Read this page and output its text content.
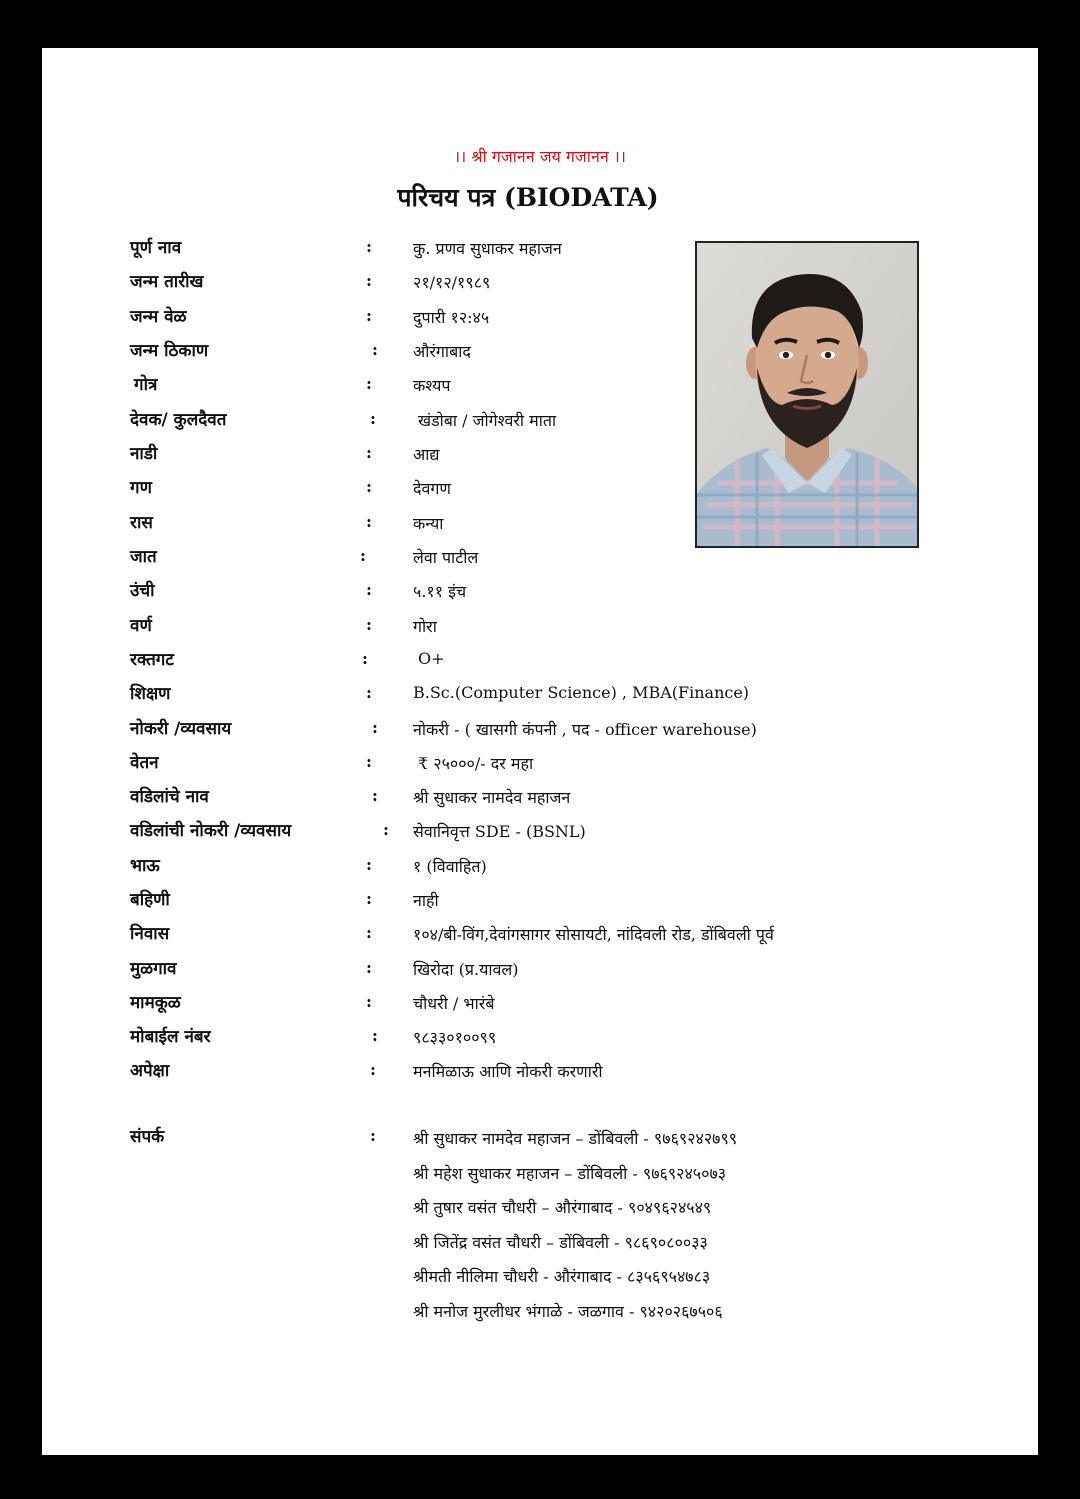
।। श्री गजानन जय गजानन ।।
परिचय पत्र (BIODATA)
पूर्ण नाव	:	कु. प्रणव सुधाकर महाजन
जन्म तारीख	:	२१/१२/१९८९
जन्म वेळ	:	दुपारी १२:४५
जन्म ठिकाण	: औरंगाबाद
गोत्र	:	कश्यप
देवक/ कुलदैवत	:	खंडोबा / जोगेश्वरी माता
नाडी	:	आद्य
गण	:	देवगण
रास	:	कन्या
जात	:	लेवा पाटील
उंची	:	५.११ इंच
वर्ण	:	गोरा
रक्तगट	:	O+
शिक्षण	:	B.Sc.(Computer Science) , MBA(Finance)
नोकरी /व्यवसाय	: नोकरी - ( खासगी कंपनी , पद - officer warehouse)
वेतन	:	₹ २५०००/- दर महा
वडिलांचे नाव	: श्री सुधाकर नामदेव महाजन
वडिलांची नोकरी /व्यवसाय	: सेवानिवृत्त SDE - (BSNL)
भाऊ	:	१ (विवाहित)
बहिणी	:	नाही
निवास	:	१०४/बी-विंग,देवांगसागर सोसायटी, नांदिवली रोड, डोंबिवली पूर्व
मुळगाव	:	खिरोदा (प्र.यावल)
मामकूळ	:	चौधरी / भारंबे
मोबाईल नंबर	: ९८३३०१००९९
अपेक्षा	: मनमिळाऊ आणि नोकरी करणारी
संपर्क	: श्री सुधाकर नामदेव महाजन – डोंबिवली - ९७६९२४२७९९
श्री महेश सुधाकर महाजन – डोंबिवली - ९७६९२४५०७३
श्री तुषार वसंत चौधरी – औरंगाबाद - ९०४९६२४५४९
श्री जितेंद्र वसंत चौधरी – डोंबिवली - ९८६९०८००३३
श्रीमती नीलिमा चौधरी - औरंगाबाद - ८३५६९५४७८३
श्री मनोज मुरलीधर भंगाळे - जळगाव - ९४२०२६७५०६
